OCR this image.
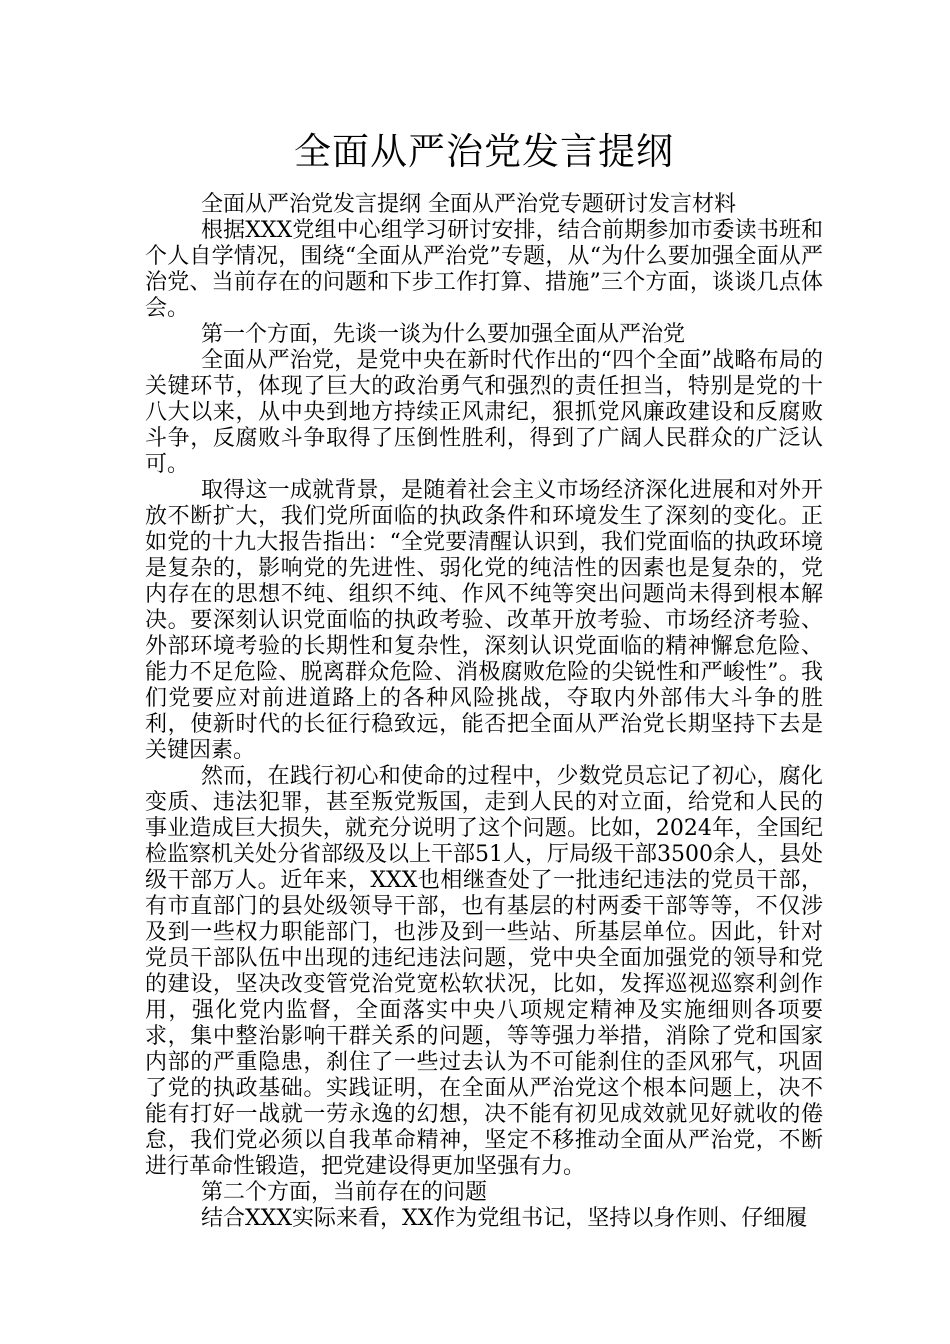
全面从严治党发言提纲

全面从严治党发言提纲 全面从严治党专题研讨发言材料

根据XXX党组中心组学习研讨安排，结合前期参加市委读书班和个人自学情况，围绕“全面从严治党”专题，从“为什么要加强全面从严治党、当前存在的问题和下步工作打算、措施”三个方面，谈谈几点体会。

第一个方面，先谈一谈为什么要加强全面从严治党

全面从严治党，是党中央在新时代作出的“四个全面”战略布局的关键环节，体现了巨大的政治勇气和强烈的责任担当，特别是党的十八大以来，从中央到地方持续正风肃纪，狠抓党风廉政建设和反腐败斗争，反腐败斗争取得了压倒性胜利，得到了广阔人民群众的广泛认可。

取得这一成就背景，是随着社会主义市场经济深化进展和对外开放不断扩大，我们党所面临的执政条件和环境发生了深刻的变化。正如党的十九大报告指出：“全党要清醒认识到，我们党面临的执政环境是复杂的，影响党的先进性、弱化党的纯洁性的因素也是复杂的，党内存在的思想不纯、组织不纯、作风不纯等突出问题尚未得到根本解决。要深刻认识党面临的执政考验、改革开放考验、市场经济考验、外部环境考验的长期性和复杂性，深刻认识党面临的精神懈怠危险、能力不足危险、脱离群众危险、消极腐败危险的尖锐性和严峻性”。我们党要应对前进道路上的各种风险挑战，夺取内外部伟大斗争的胜利，使新时代的长征行稳致远，能否把全面从严治党长期坚持下去是关键因素。

然而，在践行初心和使命的过程中，少数党员忘记了初心，腐化变质、违法犯罪，甚至叛党叛国，走到人民的对立面，给党和人民的事业造成巨大损失，就充分说明了这个问题。比如，2024年，全国纪检监察机关处分省部级及以上干部51人，厅局级干部3500余人，县处级干部万人。近年来，XXX也相继查处了一批违纪违法的党员干部，有市直部门的县处级领导干部，也有基层的村两委干部等等，不仅涉及到一些权力职能部门，也涉及到一些站、所基层单位。因此，针对党员干部队伍中出现的违纪违法问题，党中央全面加强党的领导和党的建设，坚决改变管党治党宽松软状况，比如，发挥巡视巡察利剑作用，强化党内监督，全面落实中央八项规定精神及实施细则各项要求，集中整治影响干群关系的问题，等等强力举措，消除了党和国家内部的严重隐患，刹住了一些过去认为不可能刹住的歪风邪气，巩固了党的执政基础。实践证明，在全面从严治党这个根本问题上，决不能有打好一战就一劳永逸的幻想，决不能有初见成效就见好就收的倦怠，我们党必须以自我革命精神，坚定不移推动全面从严治党，不断进行革命性锻造，把党建设得更加坚强有力。

第二个方面，当前存在的问题

结合XXX实际来看，XX作为党组书记，坚持以身作则、仔细履
